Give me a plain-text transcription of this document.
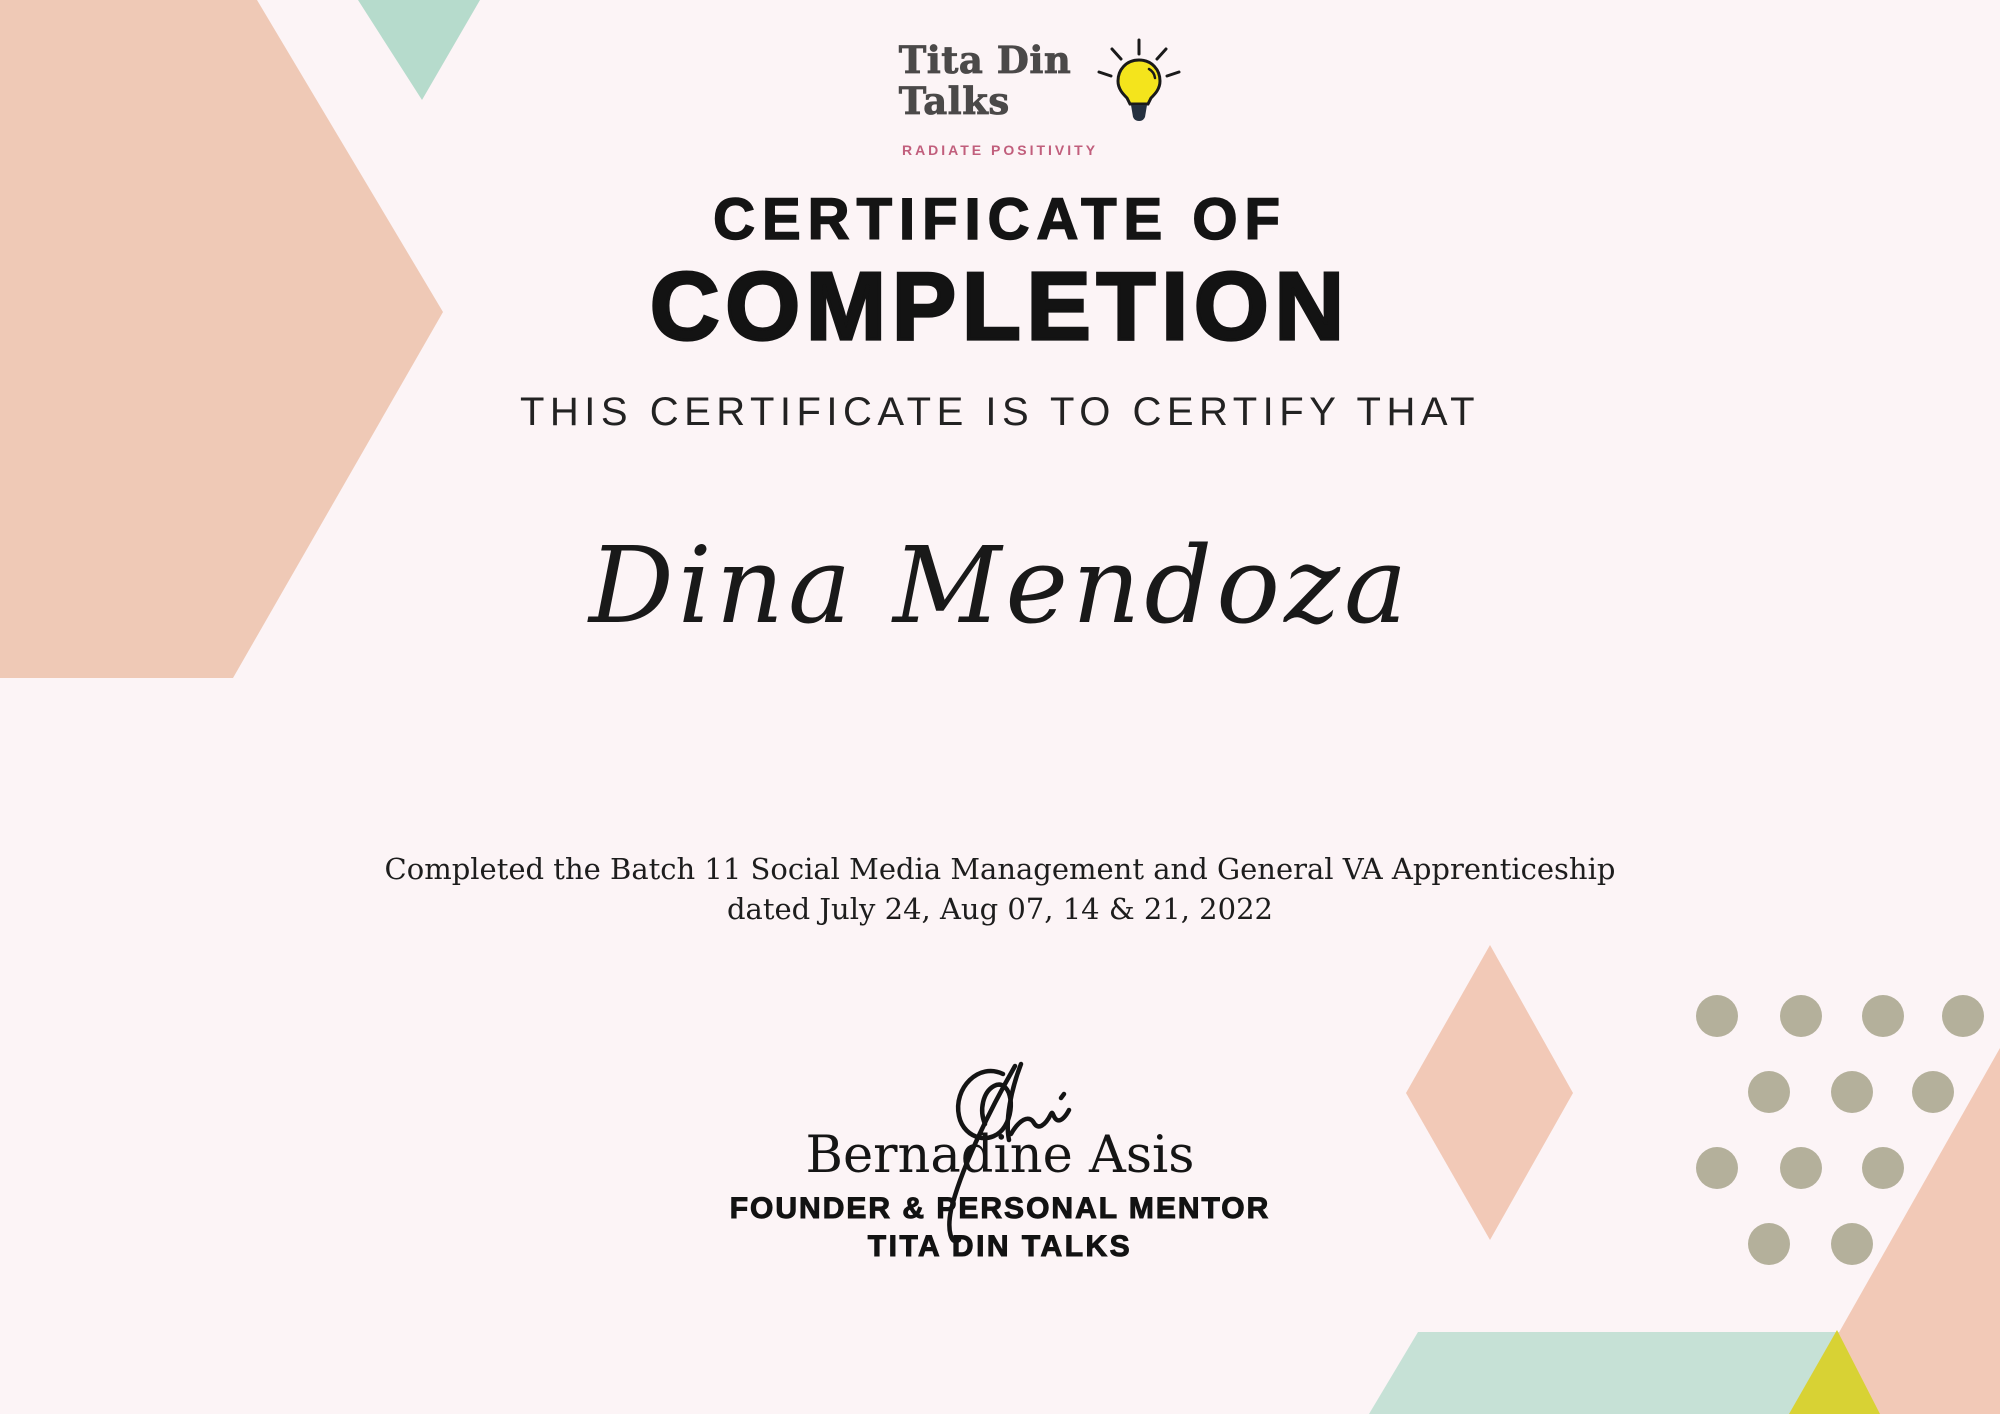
Tita Din
Talks
RADIATE POSITIVITY
CERTIFICATE OF
COMPLETION
THIS CERTIFICATE IS TO CERTIFY THAT
Dina Mendoza
Completed the Batch 11 Social Media Management and General VA Apprenticeship
dated July 24, Aug 07, 14 & 21, 2022
Bernadine Asis
FOUNDER & PERSONAL MENTOR
TITA DIN TALKS
